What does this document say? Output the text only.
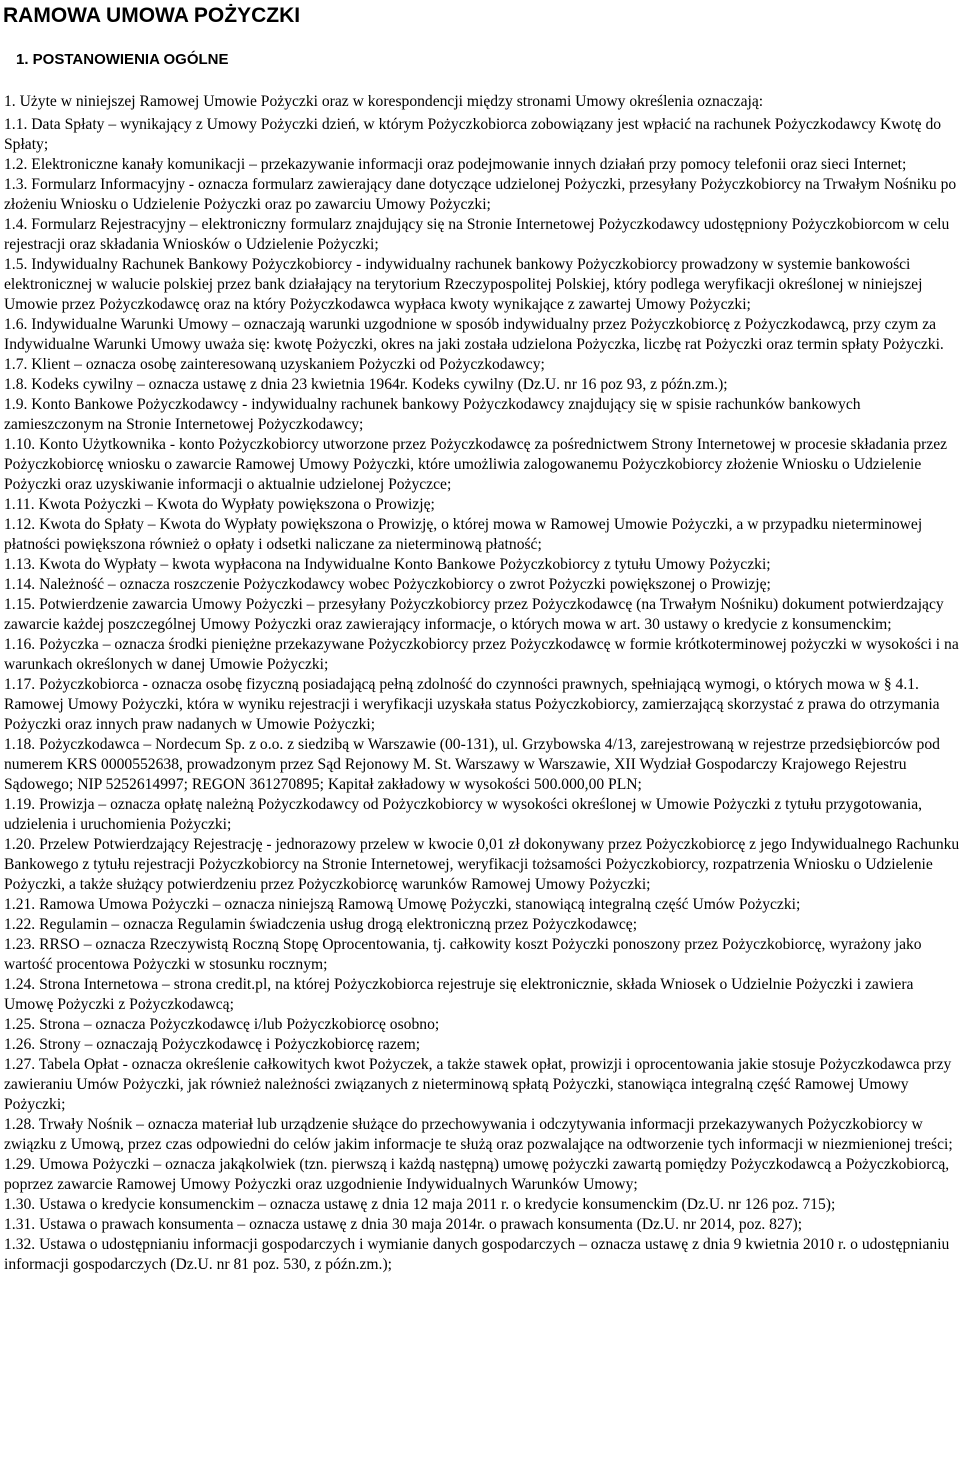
RAMOWA UMOWA POŻYCZKI
1. POSTANOWIENIA OGÓLNE

1. Użyte w niniejszej Ramowej Umowie Pożyczki oraz w korespondencji między stronami Umowy określenia oznaczają:

1.1. Data Spłaty – wynikający z Umowy Pożyczki dzień, w którym Pożyczkobiorca zobowiązany jest wpłacić na rachunek Pożyczkodawcy Kwotę do Spłaty;

1.2. Elektroniczne kanały komunikacji – przekazywanie informacji oraz podejmowanie innych działań przy pomocy telefonii oraz sieci Internet;

1.3. Formularz Informacyjny - oznacza formularz zawierający dane dotyczące udzielonej Pożyczki, przesyłany Pożyczkobiorcy na Trwałym Nośniku po złożeniu Wniosku o Udzielenie Pożyczki oraz po zawarciu Umowy Pożyczki;

1.4. Formularz Rejestracyjny – elektroniczny formularz znajdujący się na Stronie Internetowej Pożyczkodawcy udostępniony Pożyczkobiorcom w celu rejestracji oraz składania Wniosków o Udzielenie Pożyczki;

1.5. Indywidualny Rachunek Bankowy Pożyczkobiorcy - indywidualny rachunek bankowy Pożyczkobiorcy prowadzony w systemie bankowości elektronicznej w walucie polskiej przez bank działający na terytorium Rzeczypospolitej Polskiej, który podlega weryfikacji określonej w niniejszej Umowie przez Pożyczkodawcę oraz na który Pożyczkodawca wypłaca kwoty wynikające z zawartej Umowy Pożyczki;

1.6. Indywidualne Warunki Umowy – oznaczają warunki uzgodnione w sposób indywidualny przez Pożyczkobiorcę z Pożyczkodawcą, przy czym za Indywidualne Warunki Umowy uważa się: kwotę Pożyczki, okres na jaki została udzielona Pożyczka, liczbę rat Pożyczki oraz termin spłaty Pożyczki.

1.7. Klient – oznacza osobę zainteresowaną uzyskaniem Pożyczki od Pożyczkodawcy;

1.8. Kodeks cywilny – oznacza ustawę z dnia 23 kwietnia 1964r. Kodeks cywilny (Dz.U. nr 16 poz 93, z późn.zm.);

1.9. Konto Bankowe Pożyczkodawcy - indywidualny rachunek bankowy Pożyczkodawcy znajdujący się w spisie rachunków bankowych zamieszczonym na Stronie Internetowej Pożyczkodawcy;

1.10. Konto Użytkownika - konto Pożyczkobiorcy utworzone przez Pożyczkodawcę za pośrednictwem Strony Internetowej w procesie składania przez Pożyczkobiorcę wniosku o zawarcie Ramowej Umowy Pożyczki, które umożliwia zalogowanemu Pożyczkobiorcy złożenie Wniosku o Udzielenie Pożyczki oraz uzyskiwanie informacji o aktualnie udzielonej Pożyczce;

1.11. Kwota Pożyczki – Kwota do Wypłaty powiększona o Prowizję;

1.12. Kwota do Spłaty – Kwota do Wypłaty powiększona o Prowizję, o której mowa w Ramowej Umowie Pożyczki, a w przypadku nieterminowej płatności powiększona również o opłaty i odsetki naliczane za nieterminową płatność;

1.13. Kwota do Wypłaty – kwota wypłacona na Indywidualne Konto Bankowe Pożyczkobiorcy z tytułu Umowy Pożyczki;

1.14. Należność – oznacza roszczenie Pożyczkodawcy wobec Pożyczkobiorcy o zwrot Pożyczki powiększonej o Prowizję;

1.15. Potwierdzenie zawarcia Umowy Pożyczki – przesyłany Pożyczkobiorcy przez Pożyczkodawcę (na Trwałym Nośniku) dokument potwierdzający zawarcie każdej poszczególnej Umowy Pożyczki oraz zawierający informacje, o których mowa w art. 30 ustawy o kredycie z konsumenckim;

1.16. Pożyczka – oznacza środki pieniężne przekazywane Pożyczkobiorcy przez Pożyczkodawcę w formie krótkoterminowej pożyczki w wysokości i na warunkach określonych w danej Umowie Pożyczki;

1.17. Pożyczkobiorca - oznacza osobę fizyczną posiadającą pełną zdolność do czynności prawnych, spełniającą wymogi, o których mowa w § 4.1. Ramowej Umowy Pożyczki, która w wyniku rejestracji i weryfikacji uzyskała status Pożyczkobiorcy, zamierzającą skorzystać z prawa do otrzymania Pożyczki oraz innych praw nadanych w Umowie Pożyczki;

1.18. Pożyczkodawca – Nordecum Sp. z o.o. z siedzibą w Warszawie (00-131), ul. Grzybowska 4/13, zarejestrowaną w rejestrze przedsiębiorców pod numerem KRS 0000552638, prowadzonym przez Sąd Rejonowy M. St. Warszawy w Warszawie, XII Wydział Gospodarczy Krajowego Rejestru Sądowego; NIP 5252614997; REGON 361270895; Kapitał zakładowy w wysokości 500.000,00 PLN;

1.19. Prowizja – oznacza opłatę należną Pożyczkodawcy od Pożyczkobiorcy w wysokości określonej w Umowie Pożyczki z tytułu przygotowania, udzielenia i uruchomienia Pożyczki;

1.20. Przelew Potwierdzający Rejestrację - jednorazowy przelew w kwocie 0,01 zł dokonywany przez Pożyczkobiorcę z jego Indywidualnego Rachunku Bankowego z tytułu rejestracji Pożyczkobiorcy na Stronie Internetowej, weryfikacji tożsamości Pożyczkobiorcy, rozpatrzenia Wniosku o Udzielenie Pożyczki, a także służący potwierdzeniu przez Pożyczkobiorcę warunków Ramowej Umowy Pożyczki;

1.21. Ramowa Umowa Pożyczki – oznacza niniejszą Ramową Umowę Pożyczki, stanowiącą integralną część Umów Pożyczki;

1.22. Regulamin – oznacza Regulamin świadczenia usług drogą elektroniczną przez Pożyczkodawcę;

1.23. RRSO – oznacza Rzeczywistą Roczną Stopę Oprocentowania, tj. całkowity koszt Pożyczki ponoszony przez Pożyczkobiorcę, wyrażony jako wartość procentowa Pożyczki w stosunku rocznym;

1.24. Strona Internetowa – strona credit.pl, na której Pożyczkobiorca rejestruje się elektronicznie, składa Wniosek o Udzielnie Pożyczki i zawiera Umowę Pożyczki z Pożyczkodawcą;

1.25. Strona – oznacza Pożyczkodawcę i/lub Pożyczkobiorcę osobno;

1.26. Strony – oznaczają Pożyczkodawcę i Pożyczkobiorcę razem;

1.27. Tabela Opłat - oznacza określenie całkowitych kwot Pożyczek, a także stawek opłat, prowizji i oprocentowania jakie stosuje Pożyczkodawca przy zawieraniu Umów Pożyczki, jak również należności związanych z nieterminową spłatą Pożyczki, stanowiąca integralną część Ramowej Umowy Pożyczki;

1.28. Trwały Nośnik – oznacza materiał lub urządzenie służące do przechowywania i odczytywania informacji przekazywanych Pożyczkobiorcy w związku z Umową, przez czas odpowiedni do celów jakim informacje te służą oraz pozwalające na odtworzenie tych informacji w niezmienionej treści;

1.29. Umowa Pożyczki – oznacza jakąkolwiek (tzn. pierwszą i każdą następną) umowę pożyczki zawartą pomiędzy Pożyczkodawcą a Pożyczkobiorcą, poprzez zawarcie Ramowej Umowy Pożyczki oraz uzgodnienie Indywidualnych Warunków Umowy;

1.30. Ustawa o kredycie konsumenckim – oznacza ustawę z dnia 12 maja 2011 r. o kredycie konsumenckim (Dz.U. nr 126 poz. 715);

1.31. Ustawa o prawach konsumenta – oznacza ustawę z dnia 30 maja 2014r. o prawach konsumenta (Dz.U. nr 2014, poz. 827);

1.32. Ustawa o udostępnianiu informacji gospodarczych i wymianie danych gospodarczych – oznacza ustawę z dnia 9 kwietnia 2010 r. o udostępnianiu informacji gospodarczych (Dz.U. nr 81 poz. 530, z późn.zm.);
